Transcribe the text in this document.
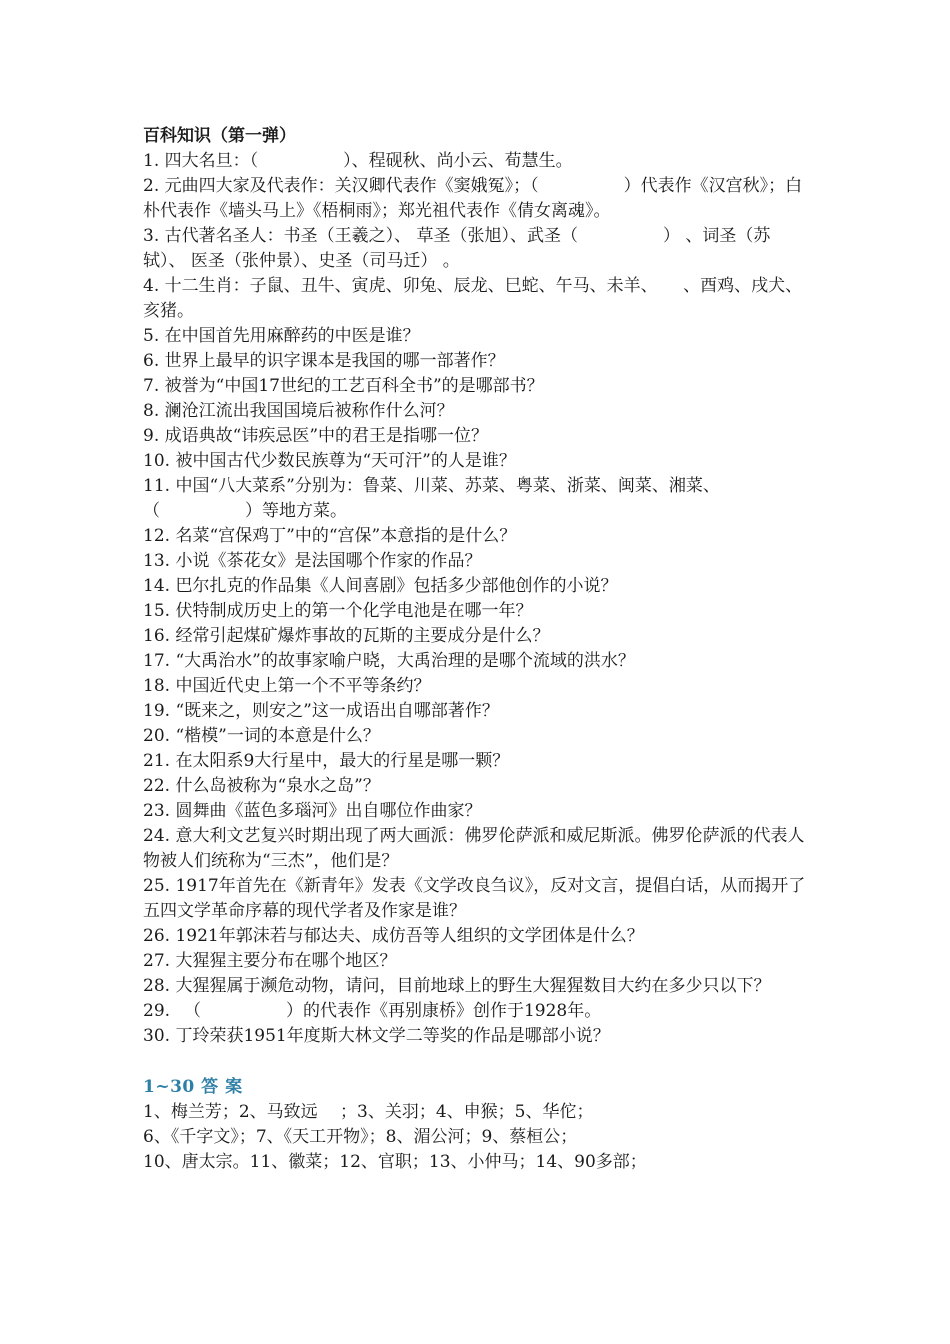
百科知识（第一弹）

1. 四大名旦：（　　　　　）、程砚秋、尚小云、荀慧生。

2. 元曲四大家及代表作：关汉卿代表作《窦娥冤》；（　　　　　）代表作《汉宫秋》；白朴代表作《墙头马上》《梧桐雨》；郑光祖代表作《倩女离魂》。

3. 古代著名圣人：书圣（王羲之）、 草圣（张旭）、武圣（　　　　　） 、词圣（苏轼）、 医圣（张仲景）、史圣（司马迁） 。

4. 十二生肖：子鼠、丑牛、寅虎、卯兔、辰龙、巳蛇、午马、未羊、　　、酉鸡、戌犬、亥猪。

5. 在中国首先用麻醉药的中医是谁？

6. 世界上最早的识字课本是我国的哪一部著作？

7. 被誉为“中国17世纪的工艺百科全书”的是哪部书？

8. 澜沧江流出我国国境后被称作什么河？

9. 成语典故“讳疾忌医”中的君王是指哪一位？

10. 被中国古代少数民族尊为“天可汗”的人是谁？

11. 中国“八大菜系”分别为：鲁菜、川菜、苏菜、粤菜、浙菜、闽菜、湘菜、（　　　　　）等地方菜。

12. 名菜“宫保鸡丁”中的“宫保”本意指的是什么？

13. 小说《茶花女》是法国哪个作家的作品？

14. 巴尔扎克的作品集《人间喜剧》包括多少部他创作的小说？

15. 伏特制成历史上的第一个化学电池是在哪一年？

16. 经常引起煤矿爆炸事故的瓦斯的主要成分是什么？

17. “大禹治水”的故事家喻户晓，大禹治理的是哪个流域的洪水？

18. 中国近代史上第一个不平等条约？

19. “既来之，则安之”这一成语出自哪部著作？

20. “楷模”一词的本意是什么？

21. 在太阳系9大行星中，最大的行星是哪一颗？

22. 什么岛被称为“泉水之岛”？

23. 圆舞曲《蓝色多瑙河》出自哪位作曲家？

24. 意大利文艺复兴时期出现了两大画派：佛罗伦萨派和威尼斯派。佛罗伦萨派的代表人物被人们统称为“三杰”，他们是？

25. 1917年首先在《新青年》发表《文学改良刍议》，反对文言，提倡白话，从而揭开了五四文学革命序幕的现代学者及作家是谁？

26. 1921年郭沫若与郁达夫、成仿吾等人组织的文学团体是什么？

27. 大猩猩主要分布在哪个地区？

28. 大猩猩属于濒危动物，请问，目前地球上的野生大猩猩数目大约在多少只以下？

29. 　（　　　　　）的代表作《再别康桥》创作于1928年。

30. 丁玲荣获1951年度斯大林文学二等奖的作品是哪部小说？

1~30 答 案

1、梅兰芳；2、马致远　 ；3、关羽；4、申猴；5、华佗；

6、《千字文》；7、《天工开物》；8、湄公河；9、蔡桓公；

10、唐太宗。11、徽菜；12、官职；13、小仲马；14、90多部；
